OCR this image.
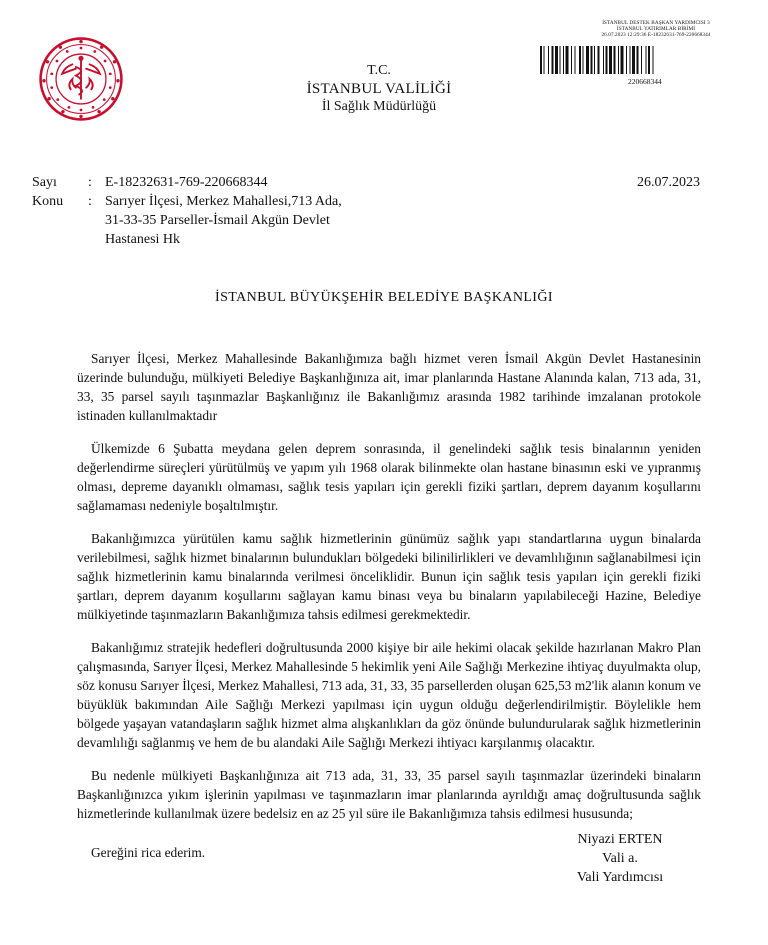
T.C.
İSTANBUL VALİLİĞİ
İl Sağlık Müdürlüğü
İSTANBUL DESTEK BAŞKAN YARDIMCISI 3
İSTANBUL YATIRIMLAR BİRİMİ
26.07.2023 12:29:36 E-18232631-769-220668344
220668344
Sayı : E-18232631-769-220668344	26.07.2023
Konu : Sarıyer İlçesi, Merkez Mahallesi,713 Ada,
31-33-35 Parseller-İsmail Akgün Devlet
Hastanesi Hk
İSTANBUL BÜYÜKŞEHİR BELEDİYE BAŞKANLIĞI

Sarıyer İlçesi, Merkez Mahallesinde Bakanlığımıza bağlı hizmet veren İsmail Akgün Devlet Hastanesinin üzerinde bulunduğu, mülkiyeti Belediye Başkanlığınıza ait, imar planlarında Hastane Alanında kalan, 713 ada, 31, 33, 35 parsel sayılı taşınmazlar Başkanlığınız ile Bakanlığımız arasında 1982 tarihinde imzalanan protokole istinaden kullanılmaktadır

Ülkemizde 6 Şubatta meydana gelen deprem sonrasında, il genelindeki sağlık tesis binalarının yeniden değerlendirme süreçleri yürütülmüş ve yapım yılı 1968 olarak bilinmekte olan hastane binasının eski ve yıpranmış olması, depreme dayanıklı olmaması, sağlık tesis yapıları için gerekli fiziki şartları, deprem dayanım koşullarını sağlamaması nedeniyle boşaltılmıştır.

Bakanlığımızca yürütülen kamu sağlık hizmetlerinin günümüz sağlık yapı standartlarına uygun binalarda verilebilmesi, sağlık hizmet binalarının bulundukları bölgedeki bilinilirlikleri ve devamlılığının sağlanabilmesi için sağlık hizmetlerinin kamu binalarında verilmesi önceliklidir. Bunun için sağlık tesis yapıları için gerekli fiziki şartları, deprem dayanım koşullarını sağlayan kamu binası veya bu binaların yapılabileceği Hazine, Belediye mülkiyetinde taşınmazların Bakanlığımıza tahsis edilmesi gerekmektedir.

Bakanlığımız stratejik hedefleri doğrultusunda 2000 kişiye bir aile hekimi olacak şekilde hazırlanan Makro Plan çalışmasında, Sarıyer İlçesi, Merkez Mahallesinde 5 hekimlik yeni Aile Sağlığı Merkezine ihtiyaç duyulmakta olup, söz konusu Sarıyer İlçesi, Merkez Mahallesi, 713 ada, 31, 33, 35 parsellerden oluşan 625,53 m2'lik alanın konum ve büyüklük bakımından Aile Sağlığı Merkezi yapılması için uygun olduğu değerlendirilmiştir. Böylelikle hem bölgede yaşayan vatandaşların sağlık hizmet alma alışkanlıkları da göz önünde bulundurularak sağlık hizmetlerinin devamlılığı sağlanmış ve hem de bu alandaki Aile Sağlığı Merkezi ihtiyacı karşılanmış olacaktır.

Bu nedenle mülkiyeti Başkanlığınıza ait 713 ada, 31, 33, 35 parsel sayılı taşınmazlar üzerindeki binaların Başkanlığınızca yıkım işlerinin yapılması ve taşınmazların imar planlarında ayrıldığı amaç doğrultusunda sağlık hizmetlerinde kullanılmak üzere bedelsiz en az 25 yıl süre ile Bakanlığımıza tahsis edilmesi hususunda;

Gereğini rica ederim.

Niyazi ERTEN
Vali a.
Vali Yardımcısı
